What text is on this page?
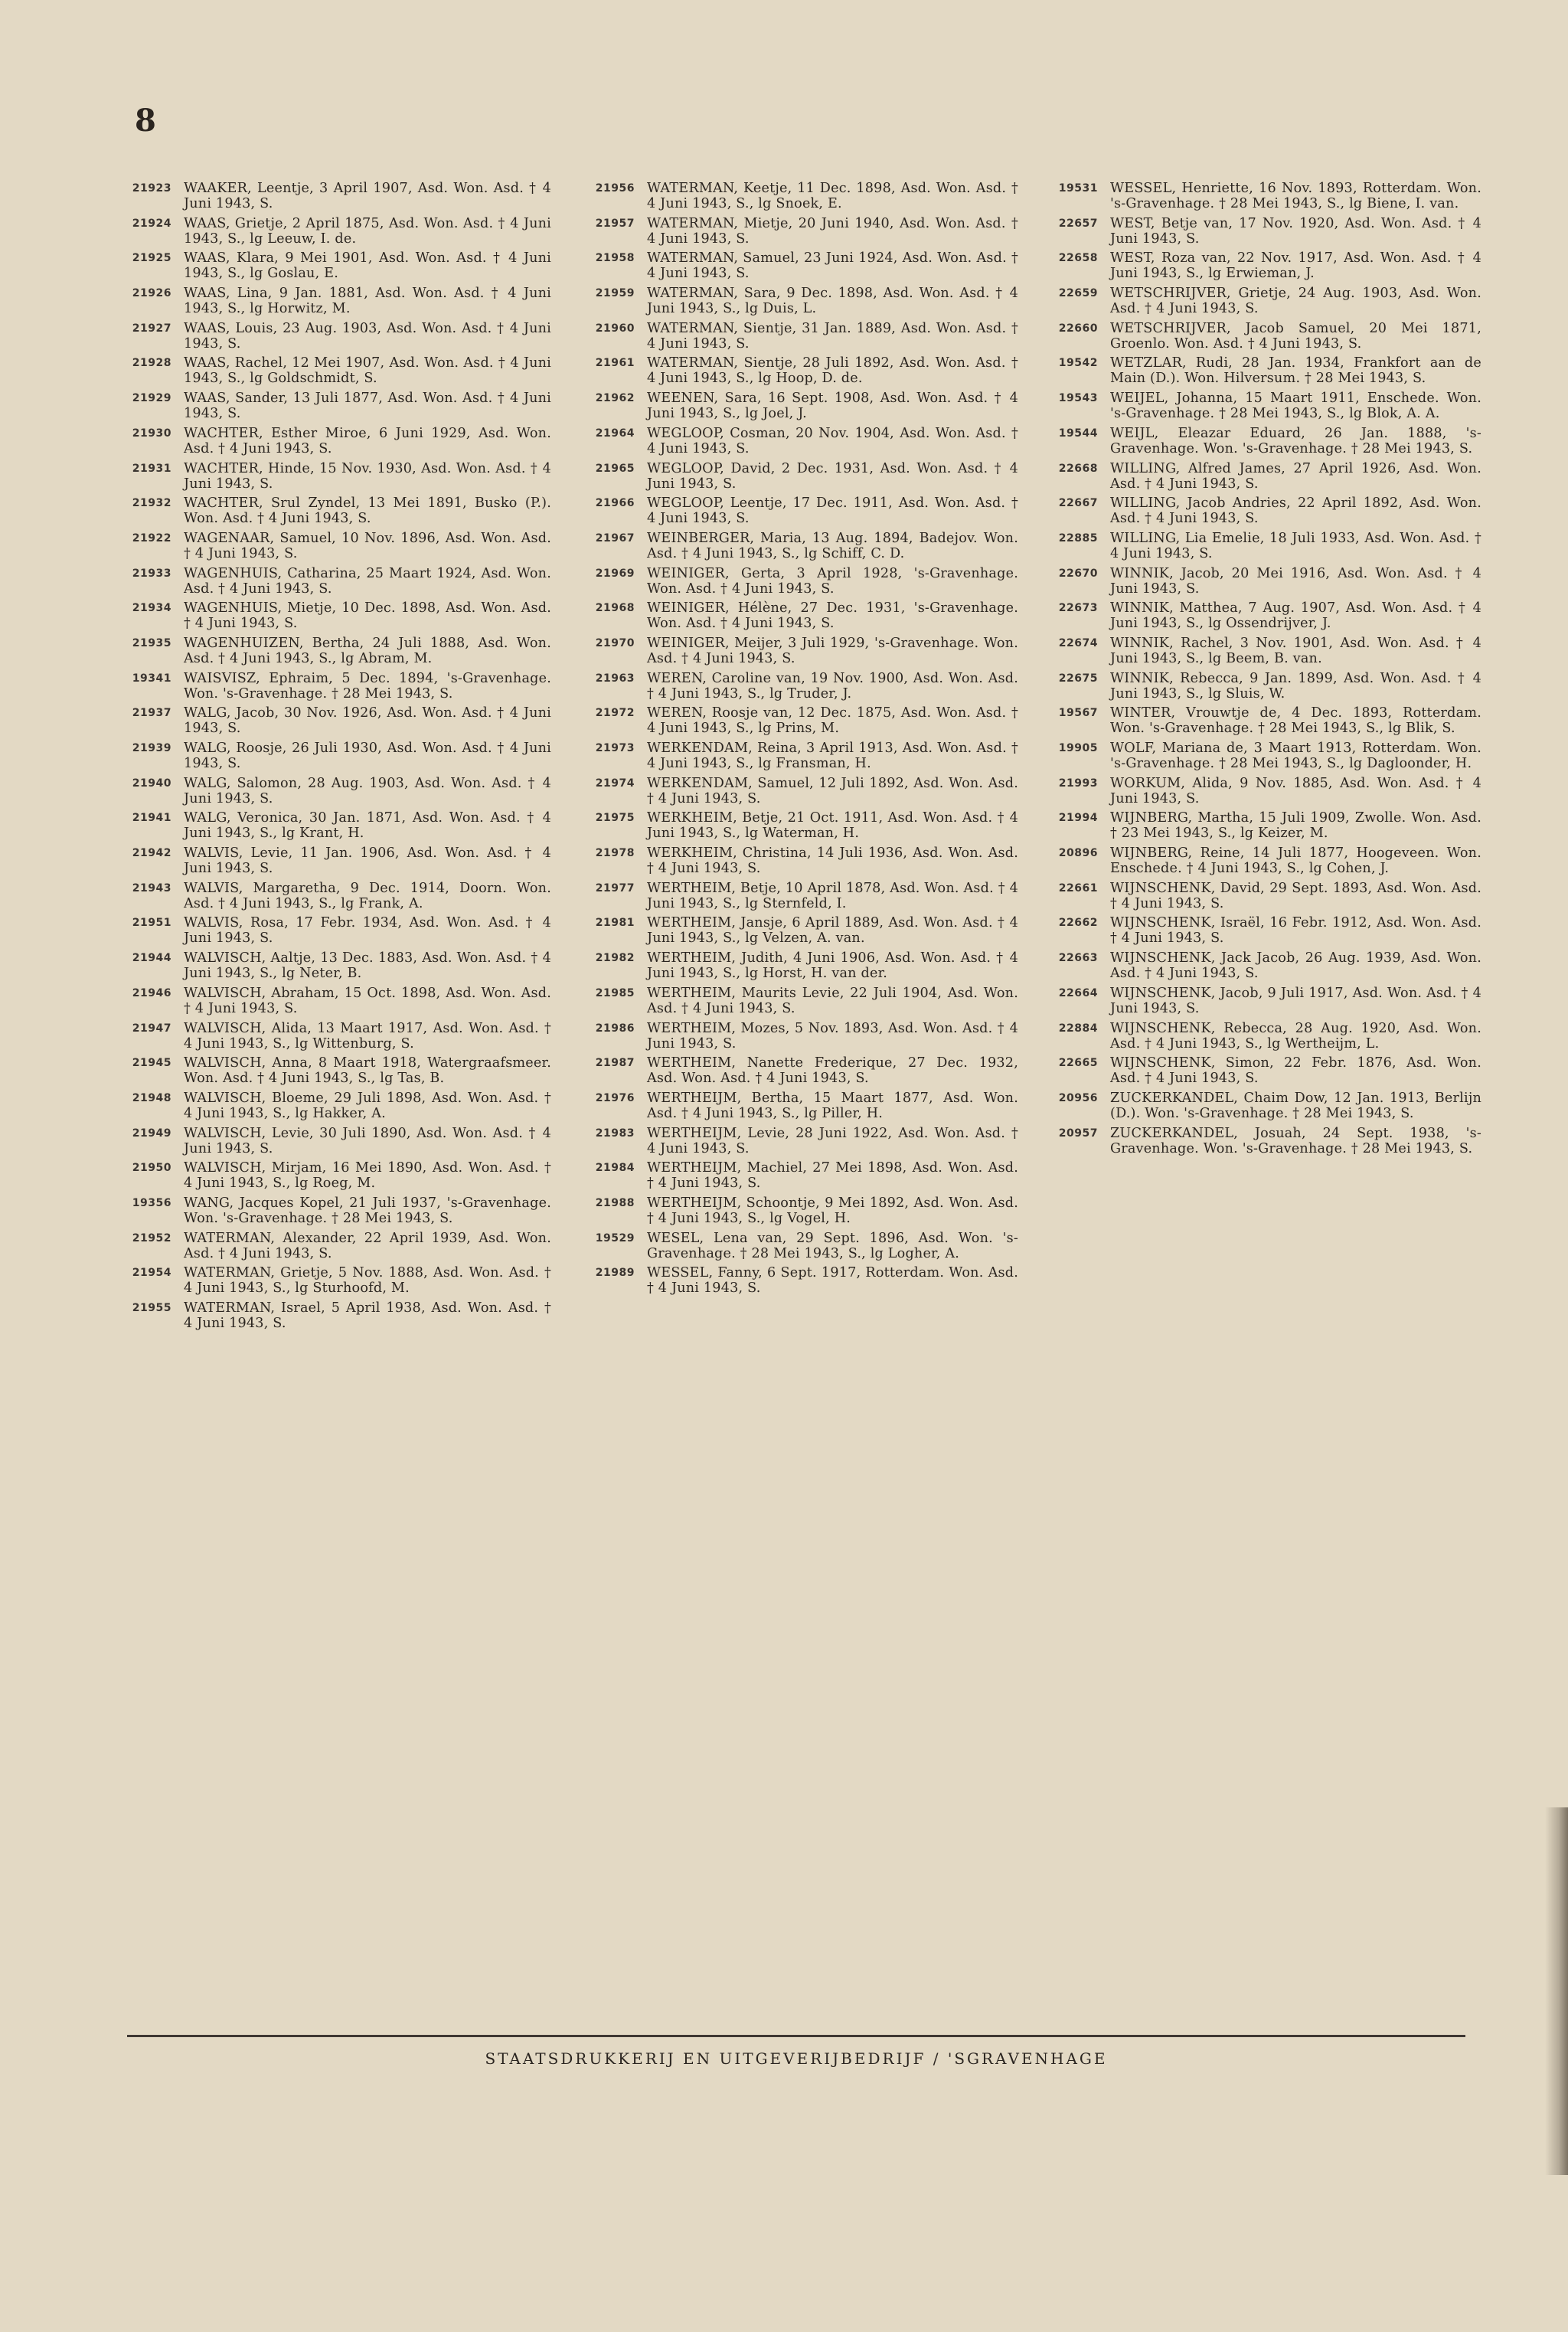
8
21923 WAAKER, Leentje, 3 April 1907, Asd. Won. Asd. † 4 Juni 1943, S.
21924 WAAS, Grietje, 2 April 1875, Asd. Won. Asd. † 4 Juni 1943, S., lg Leeuw, I. de.
21925 WAAS, Klara, 9 Mei 1901, Asd. Won. Asd. † 4 Juni 1943, S., lg Goslau, E.
21926 WAAS, Lina, 9 Jan. 1881, Asd. Won. Asd. † 4 Juni 1943, S., lg Horwitz, M.
21927 WAAS, Louis, 23 Aug. 1903, Asd. Won. Asd. † 4 Juni 1943, S.
21928 WAAS, Rachel, 12 Mei 1907, Asd. Won. Asd. † 4 Juni 1943, S., lg Goldschmidt, S.
21929 WAAS, Sander, 13 Juli 1877, Asd. Won. Asd. † 4 Juni 1943, S.
21930 WACHTER, Esther Miroe, 6 Juni 1929, Asd. Won. Asd. † 4 Juni 1943, S.
21931 WACHTER, Hinde, 15 Nov. 1930, Asd. Won. Asd. † 4 Juni 1943, S.
21932 WACHTER, Srul Zyndel, 13 Mei 1891, Busko (P.). Won. Asd. † 4 Juni 1943, S.
21922 WAGENAAR, Samuel, 10 Nov. 1896, Asd. Won. Asd. † 4 Juni 1943, S.
21933 WAGENHUIS, Catharina, 25 Maart 1924, Asd. Won. Asd. † 4 Juni 1943, S.
21934 WAGENHUIS, Mietje, 10 Dec. 1898, Asd. Won. Asd. † 4 Juni 1943, S.
21935 WAGENHUIZEN, Bertha, 24 Juli 1888, Asd. Won. Asd. † 4 Juni 1943, S., lg Abram, M.
19341 WAISVISZ, Ephraim, 5 Dec. 1894, 's-Gravenhage. Won. 's-Gravenhage. † 28 Mei 1943, S.
21937 WALG, Jacob, 30 Nov. 1926, Asd. Won. Asd. † 4 Juni 1943, S.
21939 WALG, Roosje, 26 Juli 1930, Asd. Won. Asd. † 4 Juni 1943, S.
21940 WALG, Salomon, 28 Aug. 1903, Asd. Won. Asd. † 4 Juni 1943, S.
21941 WALG, Veronica, 30 Jan. 1871, Asd. Won. Asd. † 4 Juni 1943, S., lg Krant, H.
21942 WALVIS, Levie, 11 Jan. 1906, Asd. Won. Asd. † 4 Juni 1943, S.
21943 WALVIS, Margaretha, 9 Dec. 1914, Doorn. Won. Asd. † 4 Juni 1943, S., lg Frank, A.
21951 WALVIS, Rosa, 17 Febr. 1934, Asd. Won. Asd. † 4 Juni 1943, S.
21944 WALVISCH, Aaltje, 13 Dec. 1883, Asd. Won. Asd. † 4 Juni 1943, S., lg Neter, B.
21946 WALVISCH, Abraham, 15 Oct. 1898, Asd. Won. Asd. † 4 Juni 1943, S.
21947 WALVISCH, Alida, 13 Maart 1917, Asd. Won. Asd. † 4 Juni 1943, S., lg Wittenburg, S.
21945 WALVISCH, Anna, 8 Maart 1918, Watergraafsmeer. Won. Asd. † 4 Juni 1943, S., lg Tas, B.
21948 WALVISCH, Bloeme, 29 Juli 1898, Asd. Won. Asd. † 4 Juni 1943, S., lg Hakker, A.
21949 WALVISCH, Levie, 30 Juli 1890, Asd. Won. Asd. † 4 Juni 1943, S.
21950 WALVISCH, Mirjam, 16 Mei 1890, Asd. Won. Asd. † 4 Juni 1943, S., lg Roeg, M.
19356 WANG, Jacques Kopel, 21 Juli 1937, 's-Gravenhage. Won. 's-Gravenhage. † 28 Mei 1943, S.
21952 WATERMAN, Alexander, 22 April 1939, Asd. Won. Asd. † 4 Juni 1943, S.
21954 WATERMAN, Grietje, 5 Nov. 1888, Asd. Won. Asd. † 4 Juni 1943, S., lg Sturhoofd, M.
21955 WATERMAN, Israel, 5 April 1938, Asd. Won. Asd. † 4 Juni 1943, S.
21956 WATERMAN, Keetje, 11 Dec. 1898, Asd. Won. Asd. † 4 Juni 1943, S., lg Snoek, E.
21957 WATERMAN, Mietje, 20 Juni 1940, Asd. Won. Asd. † 4 Juni 1943, S.
21958 WATERMAN, Samuel, 23 Juni 1924, Asd. Won. Asd. † 4 Juni 1943, S.
21959 WATERMAN, Sara, 9 Dec. 1898, Asd. Won. Asd. † 4 Juni 1943, S., lg Duis, L.
21960 WATERMAN, Sientje, 31 Jan. 1889, Asd. Won. Asd. † 4 Juni 1943, S.
21961 WATERMAN, Sientje, 28 Juli 1892, Asd. Won. Asd. † 4 Juni 1943, S., lg Hoop, D. de.
21962 WEENEN, Sara, 16 Sept. 1908, Asd. Won. Asd. † 4 Juni 1943, S., lg Joel, J.
21964 WEGLOOP, Cosman, 20 Nov. 1904, Asd. Won. Asd. † 4 Juni 1943, S.
21965 WEGLOOP, David, 2 Dec. 1931, Asd. Won. Asd. † 4 Juni 1943, S.
21966 WEGLOOP, Leentje, 17 Dec. 1911, Asd. Won. Asd. † 4 Juni 1943, S.
21967 WEINBERGER, Maria, 13 Aug. 1894, Badejov. Won. Asd. † 4 Juni 1943, S., lg Schiff, C. D.
21969 WEINIGER, Gerta, 3 April 1928, 's-Gravenhage. Won. Asd. † 4 Juni 1943, S.
21968 WEINIGER, Hélène, 27 Dec. 1931, 's-Gravenhage. Won. Asd. † 4 Juni 1943, S.
21970 WEINIGER, Meijer, 3 Juli 1929, 's-Gravenhage. Won. Asd. † 4 Juni 1943, S.
21963 WEREN, Caroline van, 19 Nov. 1900, Asd. Won. Asd. † 4 Juni 1943, S., lg Truder, J.
21972 WEREN, Roosje van, 12 Dec. 1875, Asd. Won. Asd. † 4 Juni 1943, S., lg Prins, M.
21973 WERKENDAM, Reina, 3 April 1913, Asd. Won. Asd. † 4 Juni 1943, S., lg Fransman, H.
21974 WERKENDAM, Samuel, 12 Juli 1892, Asd. Won. Asd. † 4 Juni 1943, S.
21975 WERKHEIM, Betje, 21 Oct. 1911, Asd. Won. Asd. † 4 Juni 1943, S., lg Waterman, H.
21978 WERKHEIM, Christina, 14 Juli 1936, Asd. Won. Asd. † 4 Juni 1943, S.
21977 WERTHEIM, Betje, 10 April 1878, Asd. Won. Asd. † 4 Juni 1943, S., lg Sternfeld, I.
21981 WERTHEIM, Jansje, 6 April 1889, Asd. Won. Asd. † 4 Juni 1943, S., lg Velzen, A. van.
21982 WERTHEIM, Judith, 4 Juni 1906, Asd. Won. Asd. † 4 Juni 1943, S., lg Horst, H. van der.
21985 WERTHEIM, Maurits Levie, 22 Juli 1904, Asd. Won. Asd. † 4 Juni 1943, S.
21986 WERTHEIM, Mozes, 5 Nov. 1893, Asd. Won. Asd. † 4 Juni 1943, S.
21987 WERTHEIM, Nanette Frederique, 27 Dec. 1932, Asd. Won. Asd. † 4 Juni 1943, S.
21976 WERTHEIJM, Bertha, 15 Maart 1877, Asd. Won. Asd. † 4 Juni 1943, S., lg Piller, H.
21983 WERTHEIJM, Levie, 28 Juni 1922, Asd. Won. Asd. † 4 Juni 1943, S.
21984 WERTHEIJM, Machiel, 27 Mei 1898, Asd. Won. Asd. † 4 Juni 1943, S.
21988 WERTHEIJM, Schoontje, 9 Mei 1892, Asd. Won. Asd. † 4 Juni 1943, S., lg Vogel, H.
19529 WESEL, Lena van, 29 Sept. 1896, Asd. Won. 's-Gravenhage. † 28 Mei 1943, S., lg Logher, A.
21989 WESSEL, Fanny, 6 Sept. 1917, Rotterdam. Won. Asd. † 4 Juni 1943, S.
19531 WESSEL, Henriette, 16 Nov. 1893, Rotterdam. Won. 's-Gravenhage. † 28 Mei 1943, S., lg Biene, I. van.
22657 WEST, Betje van, 17 Nov. 1920, Asd. Won. Asd. † 4 Juni 1943, S.
22658 WEST, Roza van, 22 Nov. 1917, Asd. Won. Asd. † 4 Juni 1943, S., lg Erwieman, J.
22659 WETSCHRIJVER, Grietje, 24 Aug. 1903, Asd. Won. Asd. † 4 Juni 1943, S.
22660 WETSCHRIJVER, Jacob Samuel, 20 Mei 1871, Groenlo. Won. Asd. † 4 Juni 1943, S.
19542 WETZLAR, Rudi, 28 Jan. 1934, Frankfort aan de Main (D.). Won. Hilversum. † 28 Mei 1943, S.
19543 WEIJEL, Johanna, 15 Maart 1911, Enschede. Won. 's-Gravenhage. † 28 Mei 1943, S., lg Blok, A. A.
19544 WEIJL, Eleazar Eduard, 26 Jan. 1888, 's-Gravenhage. Won. 's-Gravenhage. † 28 Mei 1943, S.
22668 WILLING, Alfred James, 27 April 1926, Asd. Won. Asd. † 4 Juni 1943, S.
22667 WILLING, Jacob Andries, 22 April 1892, Asd. Won. Asd. † 4 Juni 1943, S.
22885 WILLING, Lia Emelie, 18 Juli 1933, Asd. Won. Asd. † 4 Juni 1943, S.
22670 WINNIK, Jacob, 20 Mei 1916, Asd. Won. Asd. † 4 Juni 1943, S.
22673 WINNIK, Matthea, 7 Aug. 1907, Asd. Won. Asd. † 4 Juni 1943, S., lg Ossendrijver, J.
22674 WINNIK, Rachel, 3 Nov. 1901, Asd. Won. Asd. † 4 Juni 1943, S., lg Beem, B. van.
22675 WINNIK, Rebecca, 9 Jan. 1899, Asd. Won. Asd. † 4 Juni 1943, S., lg Sluis, W.
19567 WINTER, Vrouwtje de, 4 Dec. 1893, Rotterdam. Won. 's-Gravenhage. † 28 Mei 1943, S., lg Blik, S.
19905 WOLF, Mariana de, 3 Maart 1913, Rotterdam. Won. 's-Gravenhage. † 28 Mei 1943, S., lg Dagloonder, H.
21993 WORKUM, Alida, 9 Nov. 1885, Asd. Won. Asd. † 4 Juni 1943, S.
21994 WIJNBERG, Martha, 15 Juli 1909, Zwolle. Won. Asd. † 23 Mei 1943, S., lg Keizer, M.
20896 WIJNBERG, Reine, 14 Juli 1877, Hoogeveen. Won. Enschede. † 4 Juni 1943, S., lg Cohen, J.
22661 WIJNSCHENK, David, 29 Sept. 1893, Asd. Won. Asd. † 4 Juni 1943, S.
22662 WIJNSCHENK, Israël, 16 Febr. 1912, Asd. Won. Asd. † 4 Juni 1943, S.
22663 WIJNSCHENK, Jack Jacob, 26 Aug. 1939, Asd. Won. Asd. † 4 Juni 1943, S.
22664 WIJNSCHENK, Jacob, 9 Juli 1917, Asd. Won. Asd. † 4 Juni 1943, S.
22884 WIJNSCHENK, Rebecca, 28 Aug. 1920, Asd. Won. Asd. † 4 Juni 1943, S., lg Wertheijm, L.
22665 WIJNSCHENK, Simon, 22 Febr. 1876, Asd. Won. Asd. † 4 Juni 1943, S.
20956 ZUCKERKANDEL, Chaim Dow, 12 Jan. 1913, Berlijn (D.). Won. 's-Gravenhage. † 28 Mei 1943, S.
20957 ZUCKERKANDEL, Josuah, 24 Sept. 1938, 's-Gravenhage. Won. 's-Gravenhage. † 28 Mei 1943, S.
STAATSDRUKKERIJ EN UITGEVERIJBEDRIJF / 'SGRAVENHAGE
